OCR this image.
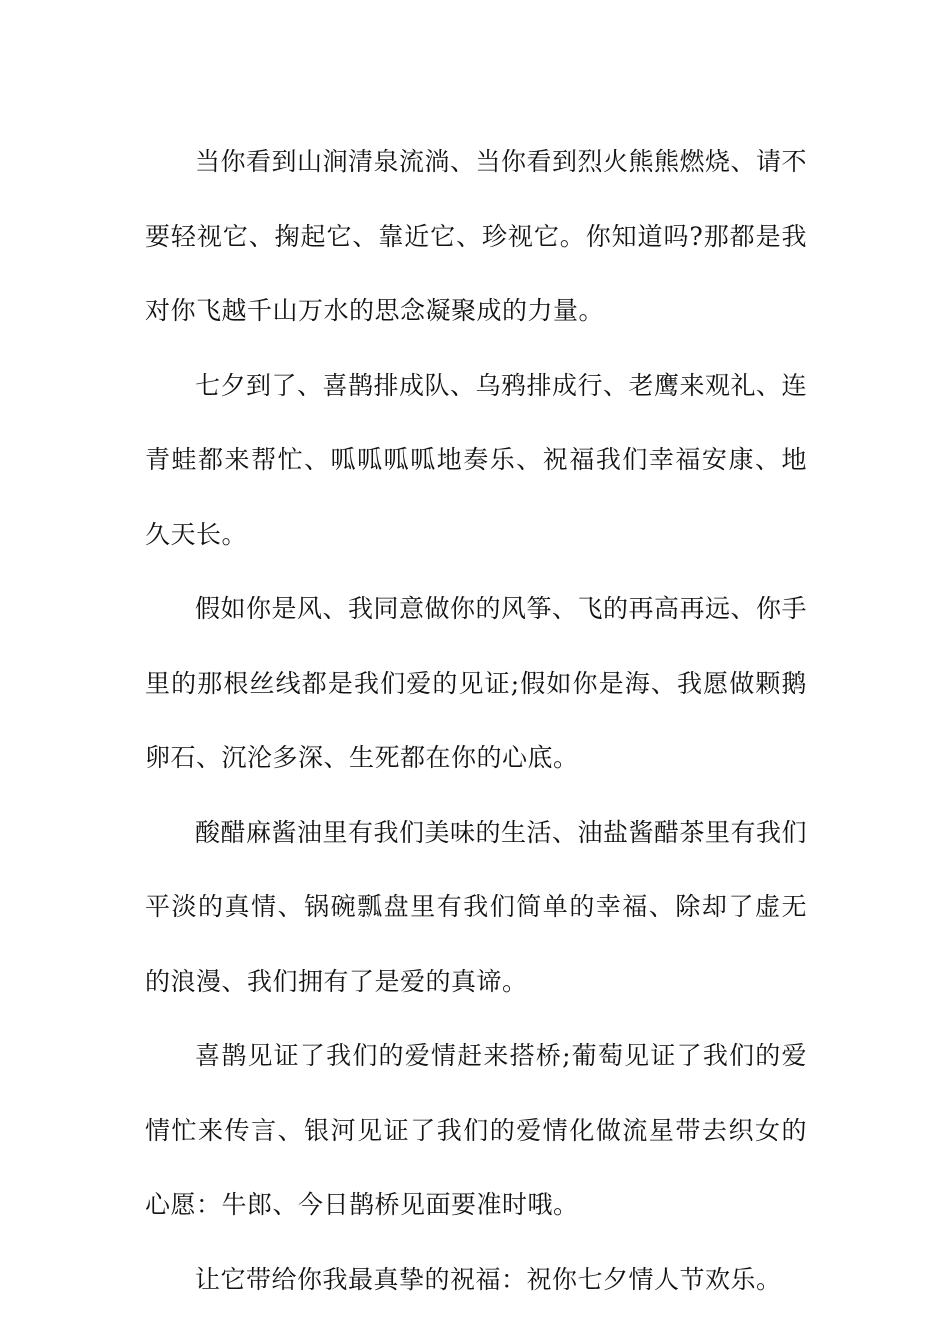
当你看到山涧清泉流淌、当你看到烈火熊熊燃烧、请不要轻视它、掬起它、靠近它、珍视它。你知道吗?那都是我对你飞越千山万水的思念凝聚成的力量。

七夕到了、喜鹊排成队、乌鸦排成行、老鹰来观礼、连青蛙都来帮忙、呱呱呱呱地奏乐、祝福我们幸福安康、地久天长。

假如你是风、我同意做你的风筝、飞的再高再远、你手里的那根丝线都是我们爱的见证;假如你是海、我愿做颗鹅卵石、沉沦多深、生死都在你的心底。

酸醋麻酱油里有我们美味的生活、油盐酱醋茶里有我们平淡的真情、锅碗瓢盘里有我们简单的幸福、除却了虚无的浪漫、我们拥有了是爱的真谛。

喜鹊见证了我们的爱情赶来搭桥;葡萄见证了我们的爱情忙来传言、银河见证了我们的爱情化做流星带去织女的心愿：牛郎、今日鹊桥见面要准时哦。

让它带给你我最真挚的祝福：祝你七夕情人节欢乐。
